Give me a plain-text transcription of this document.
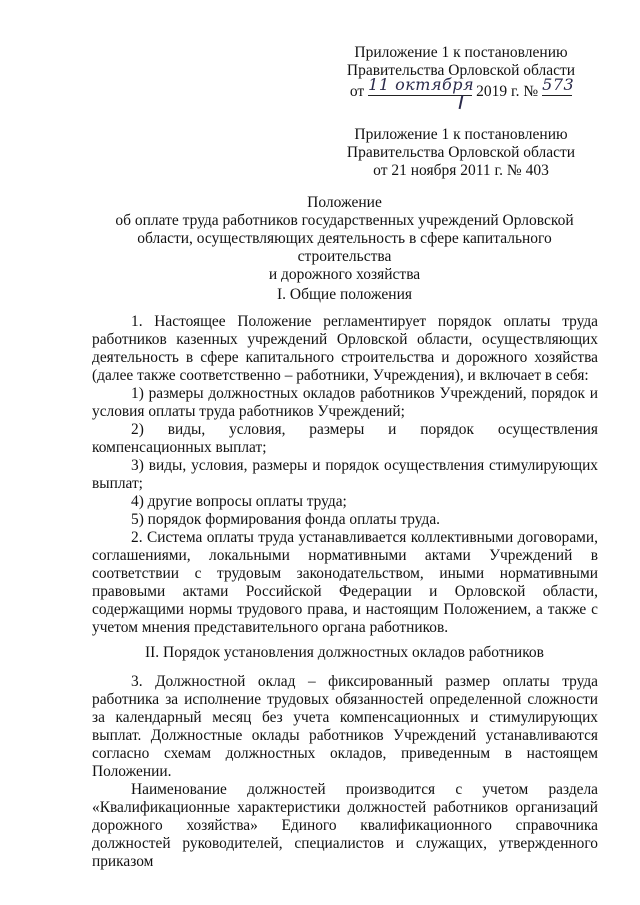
Приложение 1 к постановлению
Правительства Орловской области
от 11 октября 2019 г. № 573
Приложение 1 к постановлению
Правительства Орловской области
от 21 ноября 2011 г. № 403
Положение
об оплате труда работников государственных учреждений Орловской
области, осуществляющих деятельность в сфере капитального строительства
и дорожного хозяйства
I. Общие положения

1. Настоящее Положение регламентирует порядок оплаты труда работников казенных учреждений Орловской области, осуществляющих деятельность в сфере капитального строительства и дорожного хозяйства (далее также соответственно – работники, Учреждения), и включает в себя:

1) размеры должностных окладов работников Учреждений, порядок и условия оплаты труда работников Учреждений;

2) виды, условия, размеры и порядок осуществления компенсационных выплат;

3) виды, условия, размеры и порядок осуществления стимулирующих выплат;

4) другие вопросы оплаты труда;

5) порядок формирования фонда оплаты труда.

2. Система оплаты труда устанавливается коллективными договорами, соглашениями, локальными нормативными актами Учреждений в соответствии с трудовым законодательством, иными нормативными правовыми актами Российской Федерации и Орловской области, содержащими нормы трудового права, и настоящим Положением, а также с учетом мнения представительного органа работников.

II. Порядок установления должностных окладов работников

3. Должностной оклад – фиксированный размер оплаты труда работника за исполнение трудовых обязанностей определенной сложности за календарный месяц без учета компенсационных и стимулирующих выплат. Должностные оклады работников Учреждений устанавливаются согласно схемам должностных окладов, приведенным в настоящем Положении.

Наименование должностей производится с учетом раздела «Квалификационные характеристики должностей работников организаций дорожного хозяйства» Единого квалификационного справочника должностей руководителей, специалистов и служащих, утвержденного приказом
